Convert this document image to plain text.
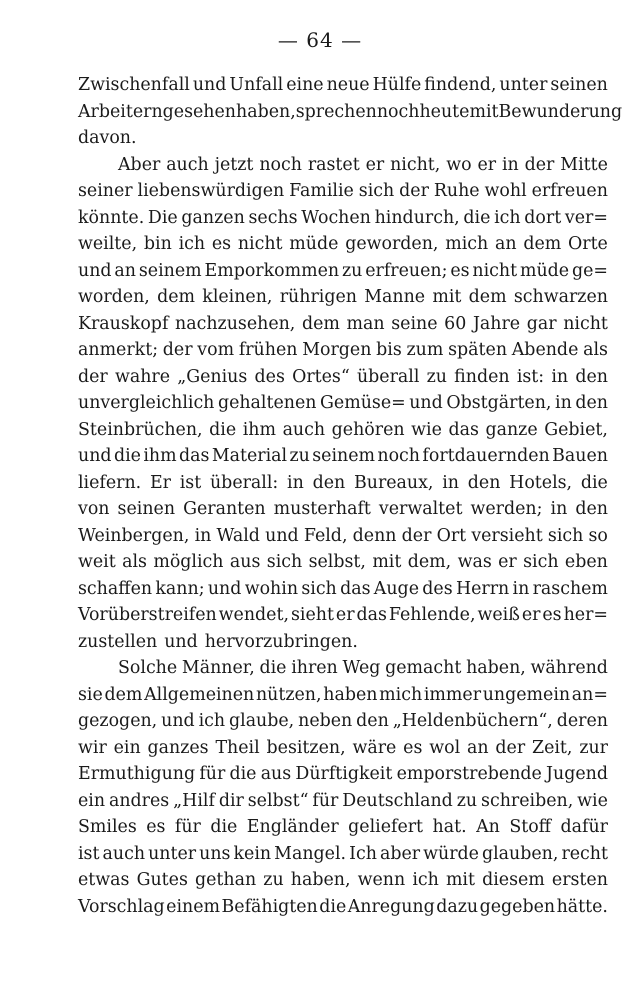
— 64 —
Zwischenfall und Unfall eine neue Hülfe findend, unter seinen
Arbeitern gesehen haben, sprechen noch heute mit Bewunderung
davon.
Aber auch jetzt noch rastet er nicht, wo er in der Mitte
seiner liebenswürdigen Familie sich der Ruhe wohl erfreuen
könnte. Die ganzen sechs Wochen hindurch, die ich dort ver=
weilte, bin ich es nicht müde geworden, mich an dem Orte
und an seinem Emporkommen zu erfreuen; es nicht müde ge=
worden, dem kleinen, rührigen Manne mit dem schwarzen
Krauskopf nachzusehen, dem man seine 60 Jahre gar nicht
anmerkt; der vom frühen Morgen bis zum späten Abende als
der wahre „Genius des Ortes“ überall zu finden ist: in den
unvergleichlich gehaltenen Gemüse= und Obstgärten, in den
Steinbrüchen, die ihm auch gehören wie das ganze Gebiet,
und die ihm das Material zu seinem noch fortdauernden Bauen
liefern. Er ist überall: in den Bureaux, in den Hotels, die
von seinen Geranten musterhaft verwaltet werden; in den
Weinbergen, in Wald und Feld, denn der Ort versieht sich so
weit als möglich aus sich selbst, mit dem, was er sich eben
schaffen kann; und wohin sich das Auge des Herrn in raschem
Vorüberstreifen wendet, sieht er das Fehlende, weiß er es her=
zustellen und hervorzubringen.
Solche Männer, die ihren Weg gemacht haben, während
sie dem Allgemeinen nützen, haben mich immer ungemein an=
gezogen, und ich glaube, neben den „Heldenbüchern“, deren
wir ein ganzes Theil besitzen, wäre es wol an der Zeit, zur
Ermuthigung für die aus Dürftigkeit emporstrebende Jugend
ein andres „Hilf dir selbst“ für Deutschland zu schreiben, wie
Smiles es für die Engländer geliefert hat. An Stoff dafür
ist auch unter uns kein Mangel. Ich aber würde glauben, recht
etwas Gutes gethan zu haben, wenn ich mit diesem ersten
Vorschlag einem Befähigten die Anregung dazu gegeben hätte.
